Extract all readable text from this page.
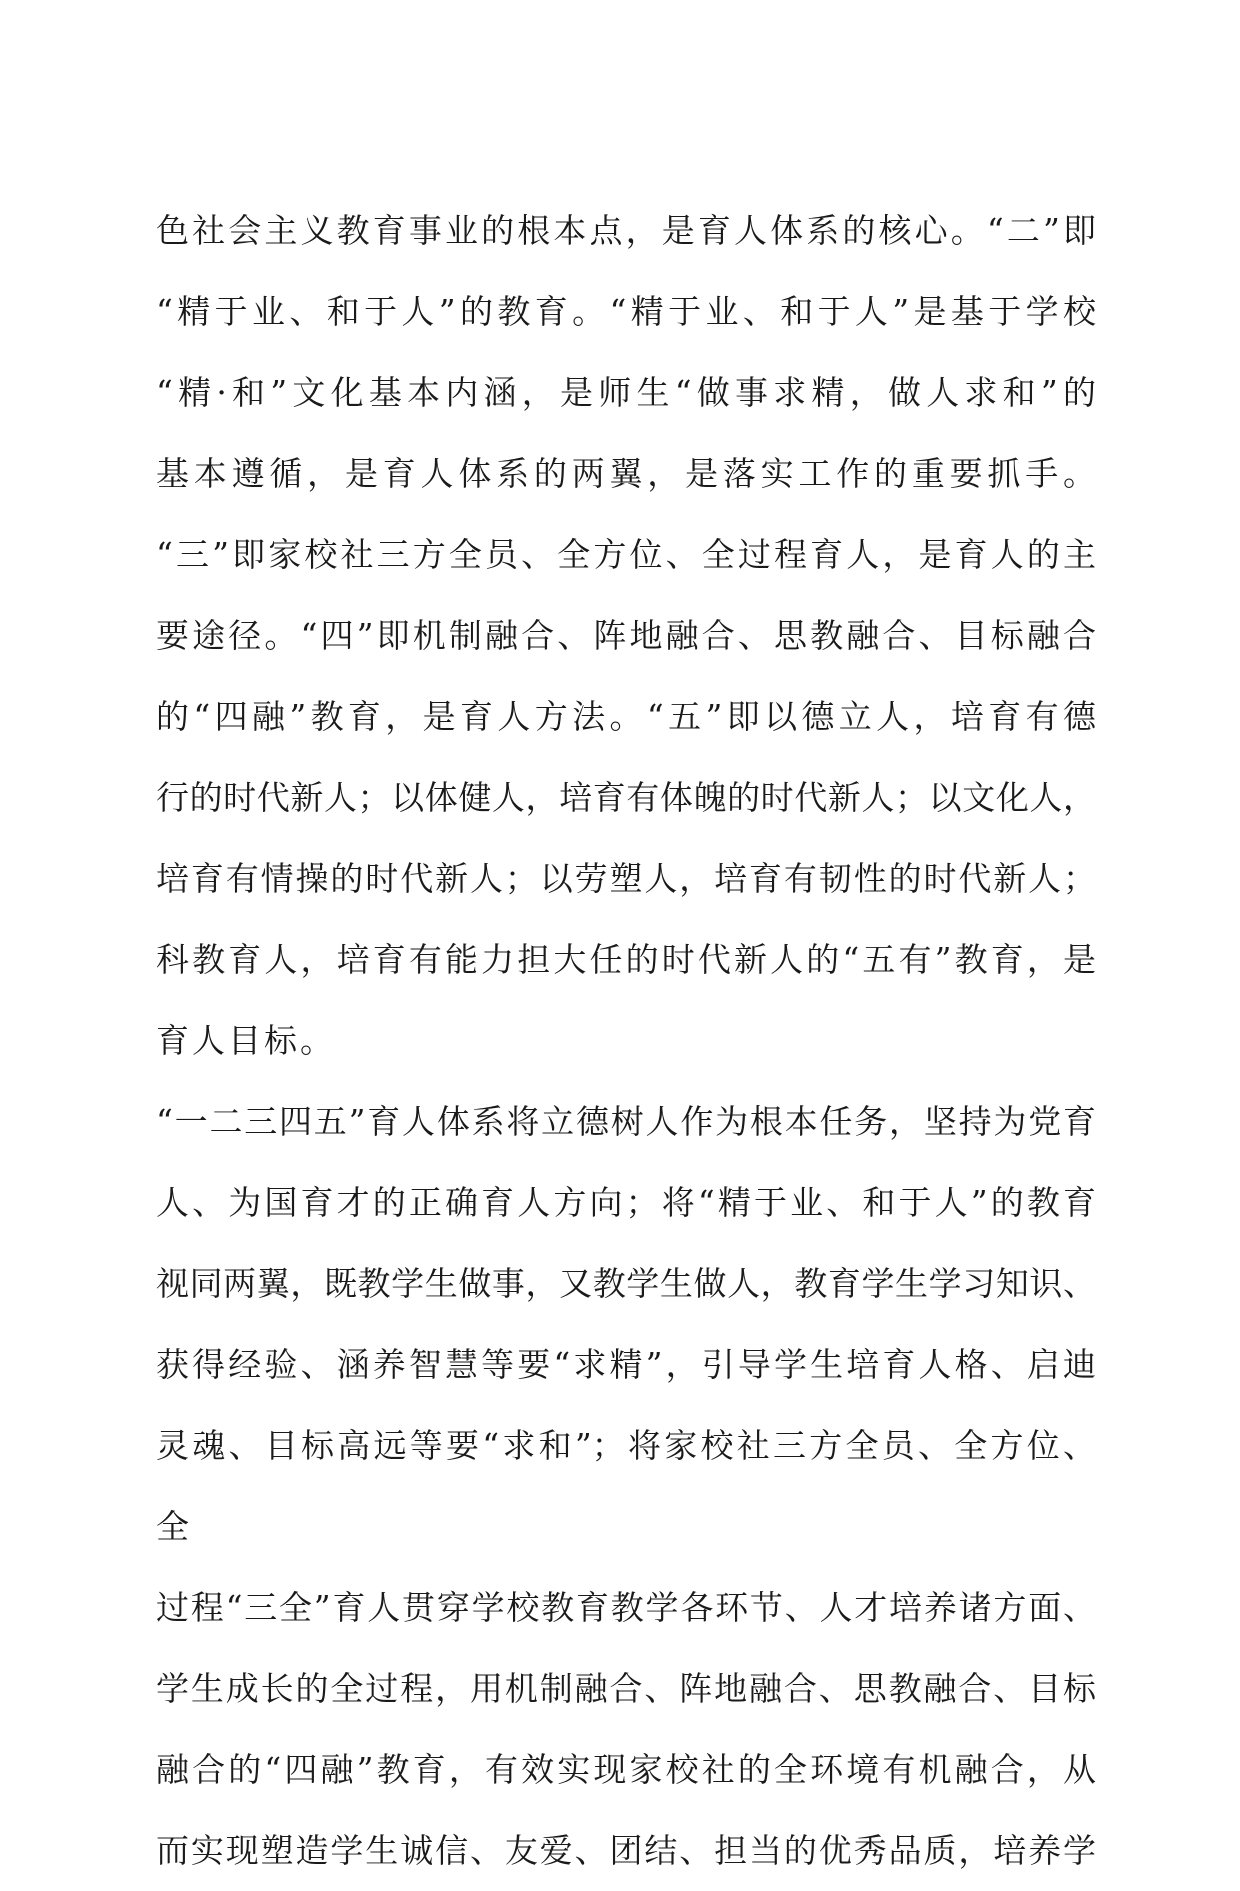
色社会主义教育事业的根本点，是育人体系的核心。“二”即
“精于业、和于人”的教育。“精于业、和于人”是基于学校
“精·和”文化基本内涵，是师生“做事求精，做人求和”的
基本遵循，是育人体系的两翼，是落实工作的重要抓手。
“三”即家校社三方全员、全方位、全过程育人，是育人的主
要途径。“四”即机制融合、阵地融合、思教融合、目标融合
的“四融”教育，是育人方法。“五”即以德立人，培育有德
行的时代新人；以体健人，培育有体魄的时代新人；以文化人，
培育有情操的时代新人；以劳塑人，培育有韧性的时代新人；
科教育人，培育有能力担大任的时代新人的“五有”教育，是
育人目标。
“一二三四五”育人体系将立德树人作为根本任务，坚持为党育
人、为国育才的正确育人方向；将“精于业、和于人”的教育
视同两翼，既教学生做事，又教学生做人，教育学生学习知识、
获得经验、涵养智慧等要“求精”，引导学生培育人格、启迪
灵魂、目标高远等要“求和”；将家校社三方全员、全方位、
全
过程“三全”育人贯穿学校教育教学各环节、人才培养诸方面、
学生成长的全过程，用机制融合、阵地融合、思教融合、目标
融合的“四融”教育，有效实现家校社的全环境有机融合，从
而实现塑造学生诚信、友爱、团结、担当的优秀品质，培养学
